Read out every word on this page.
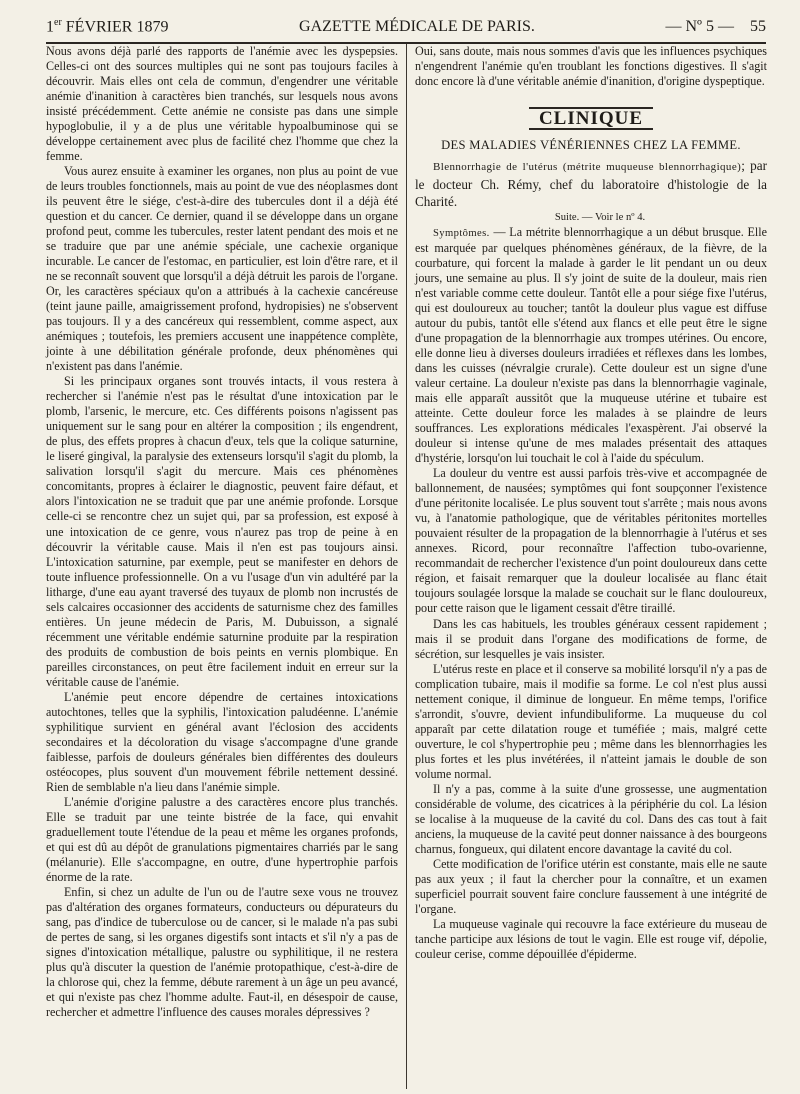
1er FÉVRIER 1879	GAZETTE MÉDICALE DE PARIS.	— Nº 5 — 55

Nous avons déjà parlé des rapports de l'anémie avec les dyspepsies. Celles-ci ont des sources multiples qui ne sont pas toujours faciles à découvrir. Mais elles ont cela de commun, d'engendrer une véritable anémie d'inanition à caractères bien tranchés, sur lesquels nous avons insisté précédemment. Cette anémie ne consiste pas dans une simple hypoglobulie, il y a de plus une véritable hypoalbuminose qui se développe certainement avec plus de facilité chez l'homme que chez la femme.

Vous aurez ensuite à examiner les organes, non plus au point de vue de leurs troubles fonctionnels, mais au point de vue des néoplasmes dont ils peuvent être le siége, c'est-à-dire des tubercules dont il a déjà été question et du cancer. Ce dernier, quand il se développe dans un organe profond peut, comme les tubercules, rester latent pendant des mois et ne se traduire que par une anémie spéciale, une cachexie organique incurable. Le cancer de l'estomac, en particulier, est loin d'être rare, et il ne se reconnaît souvent que lorsqu'il a déjà détruit les parois de l'organe. Or, les caractères spéciaux qu'on a attribués à la cachexie cancéreuse (teint jaune paille, amaigrissement profond, hydropisies) ne s'observent pas toujours. Il y a des cancéreux qui ressemblent, comme aspect, aux anémiques ; toutefois, les premiers accusent une inappétence complète, jointe à une débilitation générale profonde, deux phénomènes qui n'existent pas dans l'anémie.

Si les principaux organes sont trouvés intacts, il vous restera à rechercher si l'anémie n'est pas le résultat d'une intoxication par le plomb, l'arsenic, le mercure, etc. Ces différents poisons n'agissent pas uniquement sur le sang pour en altérer la composition ; ils engendrent, de plus, des effets propres à chacun d'eux, tels que la colique saturnine, le liseré gingival, la paralysie des extenseurs lorsqu'il s'agit du plomb, la salivation lorsqu'il s'agit du mercure. Mais ces phénomènes concomitants, propres à éclairer le diagnostic, peuvent faire défaut, et alors l'intoxication ne se traduit que par une anémie profonde. Lorsque celle-ci se rencontre chez un sujet qui, par sa profession, est exposé à une intoxication de ce genre, vous n'aurez pas trop de peine à en découvrir la véritable cause. Mais il n'en est pas toujours ainsi. L'intoxication saturnine, par exemple, peut se manifester en dehors de toute influence professionnelle. On a vu l'usage d'un vin adultéré par la litharge, d'une eau ayant traversé des tuyaux de plomb non incrustés de sels calcaires occasionner des accidents de saturnisme chez des familles entières. Un jeune médecin de Paris, M. Dubuisson, a signalé récemment une véritable endémie saturnine produite par la respiration des produits de combustion de bois peints en vernis plombique. En pareilles circonstances, on peut être facilement induit en erreur sur la véritable cause de l'anémie.

L'anémie peut encore dépendre de certaines intoxications autochtones, telles que la syphilis, l'intoxication paludéenne. L'anémie syphilitique survient en général avant l'éclosion des accidents secondaires et la décoloration du visage s'accompagne d'une grande faiblesse, parfois de douleurs générales bien différentes des douleurs ostéocopes, plus souvent d'un mouvement fébrile nettement dessiné. Rien de semblable n'a lieu dans l'anémie simple.

L'anémie d'origine palustre a des caractères encore plus tranchés. Elle se traduit par une teinte bistrée de la face, qui envahit graduellement toute l'étendue de la peau et même les organes profonds, et qui est dû au dépôt de granulations pigmentaires charriés par le sang (mélanurie). Elle s'accompagne, en outre, d'une hypertrophie parfois énorme de la rate.

Enfin, si chez un adulte de l'un ou de l'autre sexe vous ne trouvez pas d'altération des organes formateurs, conducteurs ou dépurateurs du sang, pas d'indice de tuberculose ou de cancer, si le malade n'a pas subi de pertes de sang, si les organes digestifs sont intacts et s'il n'y a pas de signes d'intoxication métallique, palustre ou syphilitique, il ne restera plus qu'à discuter la question de l'anémie protopathique, c'est-à-dire de la chlorose qui, chez la femme, débute rarement à un âge un peu avancé, et qui n'existe pas chez l'homme adulte. Faut-il, en désespoir de cause, rechercher et admettre l'influence des causes morales dépressives ?

Oui, sans doute, mais nous sommes d'avis que les influences psychiques n'engendrent l'anémie qu'en troublant les fonctions digestives. Il s'agit donc encore là d'une véritable anémie d'inanition, d'origine dyspeptique.

CLINIQUE
DES MALADIES VÉNÉRIENNES CHEZ LA FEMME.

Blennorrhagie de l'utérus (métrite muqueuse blennorrhagique); par le docteur Ch. Rémy, chef du laboratoire d'histologie de la Charité.

Suite. — Voir le nº 4.

Symptômes. — La métrite blennorrhagique a un début brusque. Elle est marquée par quelques phénomènes généraux, de la fièvre, de la courbature, qui forcent la malade à garder le lit pendant un ou deux jours, une semaine au plus. Il s'y joint de suite de la douleur, mais rien n'est variable comme cette douleur. Tantôt elle a pour siége fixe l'utérus, qui est douloureux au toucher; tantôt la douleur plus vague est diffuse autour du pubis, tantôt elle s'étend aux flancs et elle peut être le signe d'une propagation de la blennorrhagie aux trompes utérines. Ou encore, elle donne lieu à diverses douleurs irradiées et réflexes dans les lombes, dans les cuisses (névralgie crurale). Cette douleur est un signe d'une valeur certaine. La douleur n'existe pas dans la blennorrhagie vaginale, mais elle apparaît aussitôt que la muqueuse utérine et tubaire est atteinte. Cette douleur force les malades à se plaindre de leurs souffrances. Les explorations médicales l'exaspèrent. J'ai observé la douleur si intense qu'une de mes malades présentait des attaques d'hystérie, lorsqu'on lui touchait le col à l'aide du spéculum.

La douleur du ventre est aussi parfois très-vive et accompagnée de ballonnement, de nausées; symptômes qui font soupçonner l'existence d'une péritonite localisée. Le plus souvent tout s'arrête ; mais nous avons vu, à l'anatomie pathologique, que de véritables péritonites mortelles pouvaient résulter de la propagation de la blennorrhagie à l'utérus et ses annexes. Ricord, pour reconnaître l'affection tubo-ovarienne, recommandait de rechercher l'existence d'un point douloureux dans cette région, et faisait remarquer que la douleur localisée au flanc était toujours soulagée lorsque la malade se couchait sur le flanc douloureux, pour cette raison que le ligament cessait d'être tiraillé.

Dans les cas habituels, les troubles généraux cessent rapidement ; mais il se produit dans l'organe des modifications de forme, de sécrétion, sur lesquelles je vais insister.

L'utérus reste en place et il conserve sa mobilité lorsqu'il n'y a pas de complication tubaire, mais il modifie sa forme. Le col n'est plus aussi nettement conique, il diminue de longueur. En même temps, l'orifice s'arrondit, s'ouvre, devient infundibuliforme. La muqueuse du col apparaît par cette dilatation rouge et tuméfiée ; mais, malgré cette ouverture, le col s'hypertrophie peu ; même dans les blennorrhagies les plus fortes et les plus invétérées, il n'atteint jamais le double de son volume normal.

Il n'y a pas, comme à la suite d'une grossesse, une augmentation considérable de volume, des cicatrices à la périphérie du col. La lésion se localise à la muqueuse de la cavité du col. Dans des cas tout à fait anciens, la muqueuse de la cavité peut donner naissance à des bourgeons charnus, fongueux, qui dilatent encore davantage la cavité du col.

Cette modification de l'orifice utérin est constante, mais elle ne saute pas aux yeux ; il faut la chercher pour la connaître, et un examen superficiel pourrait souvent faire conclure faussement à une intégrité de l'organe.

La muqueuse vaginale qui recouvre la face extérieure du museau de tanche participe aux lésions de tout le vagin. Elle est rouge vif, dépolie, couleur cerise, comme dépouillée d'épiderme.
